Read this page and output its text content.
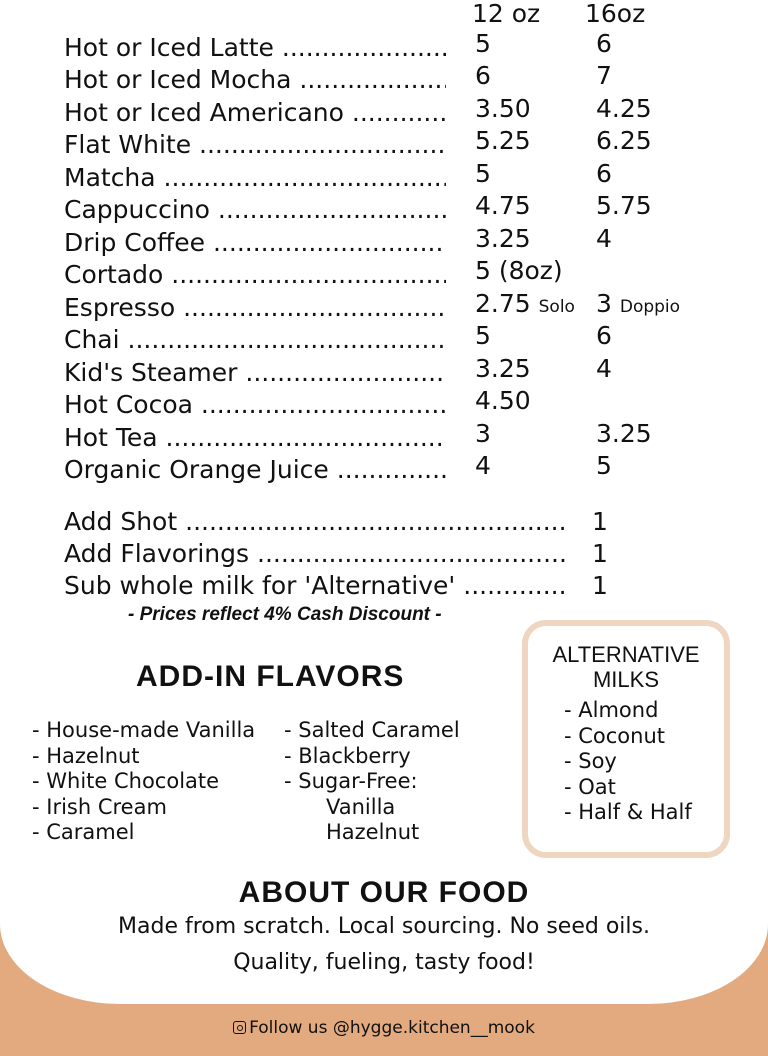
12 oz 16oz
Hot or Iced Latte .....	5	6
Hot or Iced Mocha .....	6	7
Hot or Iced Americano .....	3.50	4.25
Flat White .....	5.25	6.25
Matcha .....	5	6
Cappuccino .....	4.75	5.75
Drip Coffee .....	3.25	4
Cortado .....	5 (8oz)
Espresso .....	2.75 Solo 3 Doppio
Chai .....	5	6
Kid's Steamer .....	3.25	4
Hot Cocoa .....	4.50
Hot Tea .....	3	3.25
Organic Orange Juice .....	4	5
Add Shot .....	1
Add Flavorings .....	1
Sub whole milk for 'Alternative' .....	1
- Prices reflect 4% Cash Discount -
ADD-IN FLAVORS
- House-made Vanilla
- Hazelnut
- White Chocolate
- Irish Cream
- Caramel
- Salted Caramel
- Blackberry
- Sugar-Free:
Vanilla
Hazelnut
ALTERNATIVE
MILKS
- Almond
- Coconut
- Soy
- Oat
- Half & Half
ABOUT OUR FOOD
Made from scratch. Local sourcing. No seed oils.
Quality, fueling, tasty food!
Follow us @hygge.kitchen__mook
